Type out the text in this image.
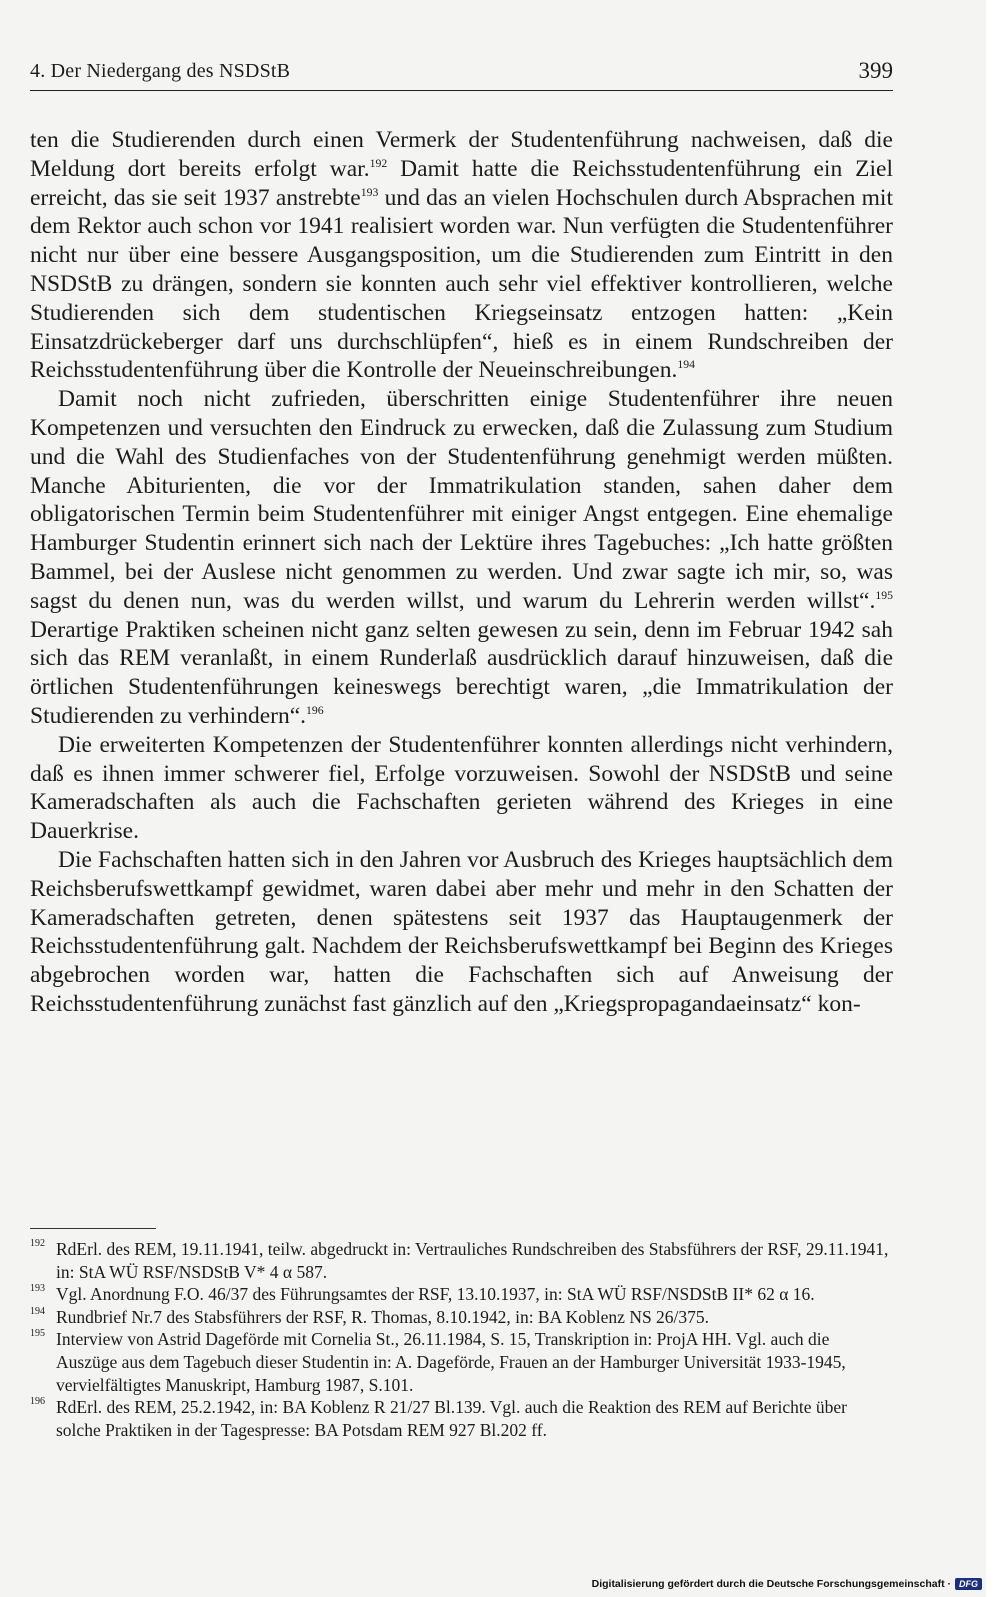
4. Der Niedergang des NSDStB	399

ten die Studierenden durch einen Vermerk der Studentenführung nachweisen, daß die Meldung dort bereits erfolgt war.$^{192}$ Damit hatte die Reichsstudentenführung ein Ziel erreicht, das sie seit 1937 anstrebte$^{193}$ und das an vielen Hochschulen durch Absprachen mit dem Rektor auch schon vor 1941 realisiert worden war. Nun verfügten die Studentenführer nicht nur über eine bessere Ausgangsposition, um die Studierenden zum Eintritt in den NSDStB zu drängen, sondern sie konnten auch sehr viel effektiver kontrollieren, welche Studierenden sich dem studentischen Kriegseinsatz entzogen hatten: „Kein Einsatzdrückeberger darf uns durchschlüpfen“, hieß es in einem Rundschreiben der Reichsstudentenführung über die Kontrolle der Neueinschreibungen.$^{194}$

Damit noch nicht zufrieden, überschritten einige Studentenführer ihre neuen Kompetenzen und versuchten den Eindruck zu erwecken, daß die Zulassung zum Studium und die Wahl des Studienfaches von der Studentenführung genehmigt werden müßten. Manche Abiturienten, die vor der Immatrikulation standen, sahen daher dem obligatorischen Termin beim Studentenführer mit einiger Angst entgegen. Eine ehemalige Hamburger Studentin erinnert sich nach der Lektüre ihres Tagebuches: „Ich hatte größten Bammel, bei der Auslese nicht genommen zu werden. Und zwar sagte ich mir, so, was sagst du denen nun, was du werden willst, und warum du Lehrerin werden willst“.$^{195}$ Derartige Praktiken scheinen nicht ganz selten gewesen zu sein, denn im Februar 1942 sah sich das REM veranlaßt, in einem Runderlaß ausdrücklich darauf hinzuweisen, daß die örtlichen Studentenführungen keineswegs berechtigt waren, „die Immatrikulation der Studierenden zu verhindern“.$^{196}$

Die erweiterten Kompetenzen der Studentenführer konnten allerdings nicht verhindern, daß es ihnen immer schwerer fiel, Erfolge vorzuweisen. Sowohl der NSDStB und seine Kameradschaften als auch die Fachschaften gerieten während des Krieges in eine Dauerkrise.

Die Fachschaften hatten sich in den Jahren vor Ausbruch des Krieges hauptsächlich dem Reichsberufswettkampf gewidmet, waren dabei aber mehr und mehr in den Schatten der Kameradschaften getreten, denen spätestens seit 1937 das Hauptaugenmerk der Reichsstudentenführung galt. Nachdem der Reichsberufswettkampf bei Beginn des Krieges abgebrochen worden war, hatten die Fachschaften sich auf Anweisung der Reichsstudentenführung zunächst fast gänzlich auf den „Kriegspropagandaeinsatz“ kon-

192 RdErl. des REM, 19.11.1941, teilw. abgedruckt in: Vertrauliches Rundschreiben des Stabsführers der RSF, 29.11.1941, in: StA WÜ RSF/NSDStB V* 4 α 587.
193 Vgl. Anordnung F.O. 46/37 des Führungsamtes der RSF, 13.10.1937, in: StA WÜ RSF/NSDStB II* 62 α 16.
194 Rundbrief Nr.7 des Stabsführers der RSF, R. Thomas, 8.10.1942, in: BA Koblenz NS 26/375.
195 Interview von Astrid Dageförde mit Cornelia St., 26.11.1984, S. 15, Transkription in: ProjA HH. Vgl. auch die Auszüge aus dem Tagebuch dieser Studentin in: A. Dageförde, Frauen an der Hamburger Universität 1933-1945, vervielfältigtes Manuskript, Hamburg 1987, S.101.
196 RdErl. des REM, 25.2.1942, in: BA Koblenz R 21/27 Bl.139. Vgl. auch die Reaktion des REM auf Berichte über solche Praktiken in der Tagespresse: BA Potsdam REM 927 Bl.202 ff.
Digitalisierung gefördert durch die Deutsche Forschungsgemeinschaft · DFG
